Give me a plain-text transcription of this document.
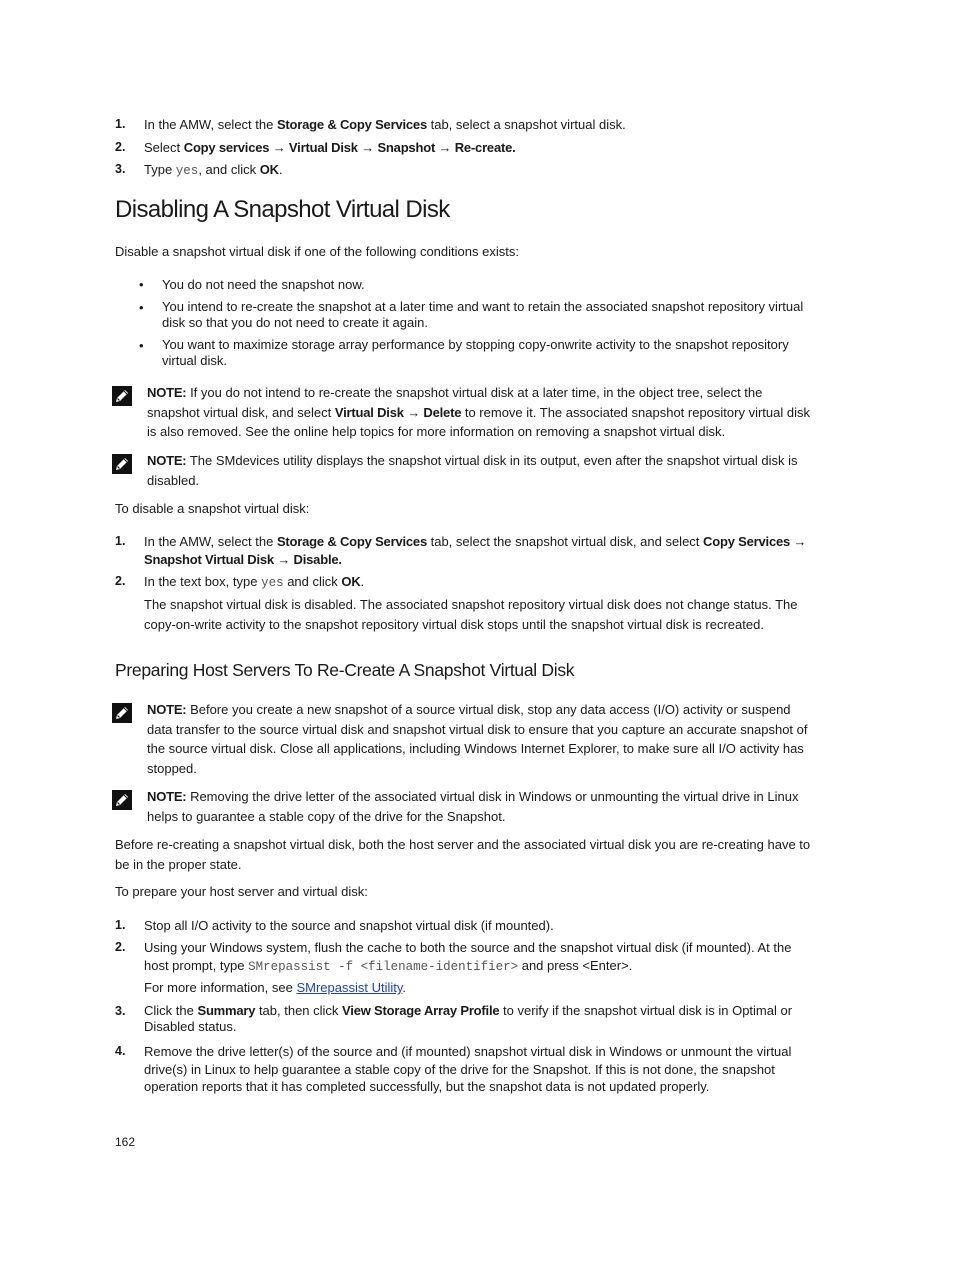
1. In the AMW, select the Storage & Copy Services tab, select a snapshot virtual disk.
2. Select Copy services → Virtual Disk → Snapshot → Re-create.
3. Type yes, and click OK.
Disabling A Snapshot Virtual Disk
Disable a snapshot virtual disk if one of the following conditions exists:
• You do not need the snapshot now.
• You intend to re-create the snapshot at a later time and want to retain the associated snapshot repository virtual disk so that you do not need to create it again.
• You want to maximize storage array performance by stopping copy-onwrite activity to the snapshot repository virtual disk.
NOTE: If you do not intend to re-create the snapshot virtual disk at a later time, in the object tree, select the snapshot virtual disk, and select Virtual Disk → Delete to remove it. The associated snapshot repository virtual disk is also removed. See the online help topics for more information on removing a snapshot virtual disk.
NOTE: The SMdevices utility displays the snapshot virtual disk in its output, even after the snapshot virtual disk is disabled.
To disable a snapshot virtual disk:
1. In the AMW, select the Storage & Copy Services tab, select the snapshot virtual disk, and select Copy Services →
Snapshot Virtual Disk → Disable.
2. In the text box, type yes and click OK.
The snapshot virtual disk is disabled. The associated snapshot repository virtual disk does not change status. The copy-on-write activity to the snapshot repository virtual disk stops until the snapshot virtual disk is recreated.
Preparing Host Servers To Re-Create A Snapshot Virtual Disk
NOTE: Before you create a new snapshot of a source virtual disk, stop any data access (I/O) activity or suspend data transfer to the source virtual disk and snapshot virtual disk to ensure that you capture an accurate snapshot of the source virtual disk. Close all applications, including Windows Internet Explorer, to make sure all I/O activity has stopped.
NOTE: Removing the drive letter of the associated virtual disk in Windows or unmounting the virtual drive in Linux helps to guarantee a stable copy of the drive for the Snapshot.
Before re-creating a snapshot virtual disk, both the host server and the associated virtual disk you are re-creating have to be in the proper state.
To prepare your host server and virtual disk:
1. Stop all I/O activity to the source and snapshot virtual disk (if mounted).
2. Using your Windows system, flush the cache to both the source and the snapshot virtual disk (if mounted). At the
host prompt, type SMrepassist -f <filename-identifier> and press <Enter>.
For more information, see SMrepassist Utility.
3. Click the Summary tab, then click View Storage Array Profile to verify if the snapshot virtual disk is in Optimal or Disabled status.
4. Remove the drive letter(s) of the source and (if mounted) snapshot virtual disk in Windows or unmount the virtual drive(s) in Linux to help guarantee a stable copy of the drive for the Snapshot. If this is not done, the snapshot operation reports that it has completed successfully, but the snapshot data is not updated properly.
162
